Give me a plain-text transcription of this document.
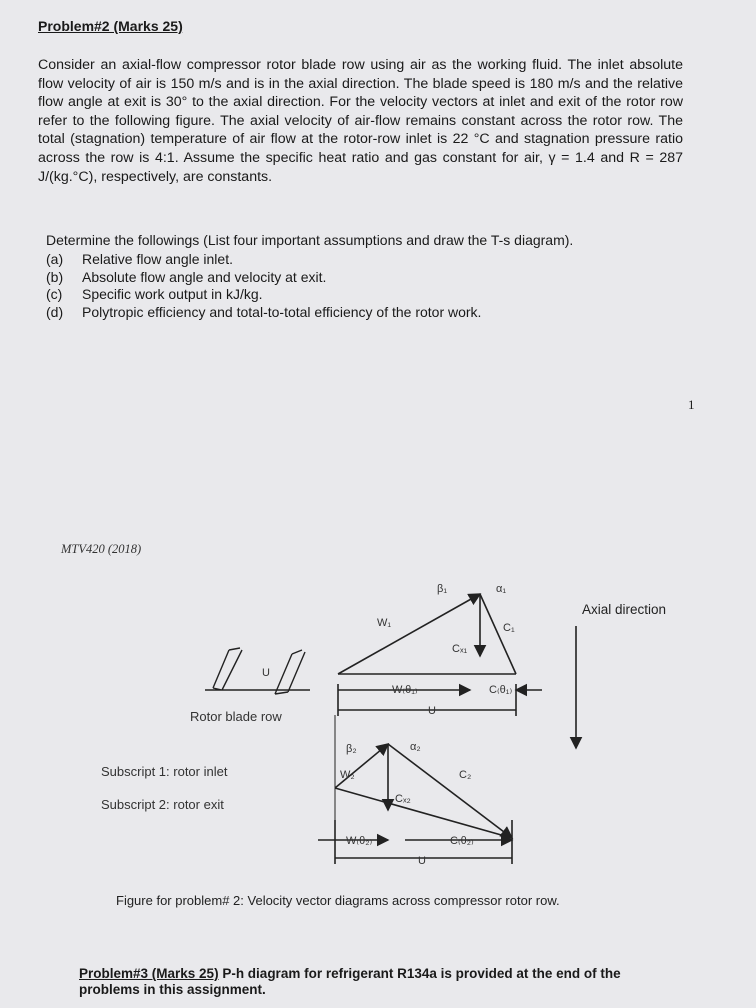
Problem#2 (Marks 25)

Consider an axial-flow compressor rotor blade row using air as the working fluid. The inlet absolute flow velocity of air is 150 m/s and is in the axial direction. The blade speed is 180 m/s and the relative flow angle at exit is 30° to the axial direction. For the velocity vectors at inlet and exit of the rotor row refer to the following figure. The axial velocity of air-flow remains constant across the rotor row. The total (stagnation) temperature of air flow at the rotor-row inlet is 22 °C and stagnation pressure ratio across the row is 4:1. Assume the specific heat ratio and gas constant for air, γ = 1.4 and R = 287 J/(kg.°C), respectively, are constants.

Determine the followings (List four important assumptions and draw the T-s diagram).

(a)	Relative flow angle inlet.
(b)	Absolute flow angle and velocity at exit.
(c)	Specific work output in kJ/kg.
(d)	Polytropic efficiency and total-to-total efficiency of the rotor work.
1
MTV420 (2018)
U
β₁	α₁
W₁	C₁
Cₓ₁
W₍θ₁₎	C₍θ₁₎
U
β₂	α₂
W₂	C₂
Cₓ₂
W₍θ₂₎	C₍θ₂₎
U
Rotor blade row
Subscript 1: rotor inlet
Subscript 2: rotor exit
Axial direction
Figure for problem# 2: Velocity vector diagrams across compressor rotor row.

Problem#3 (Marks 25) P-h diagram for refrigerant R134a is provided at the end of the problems in this assignment.
